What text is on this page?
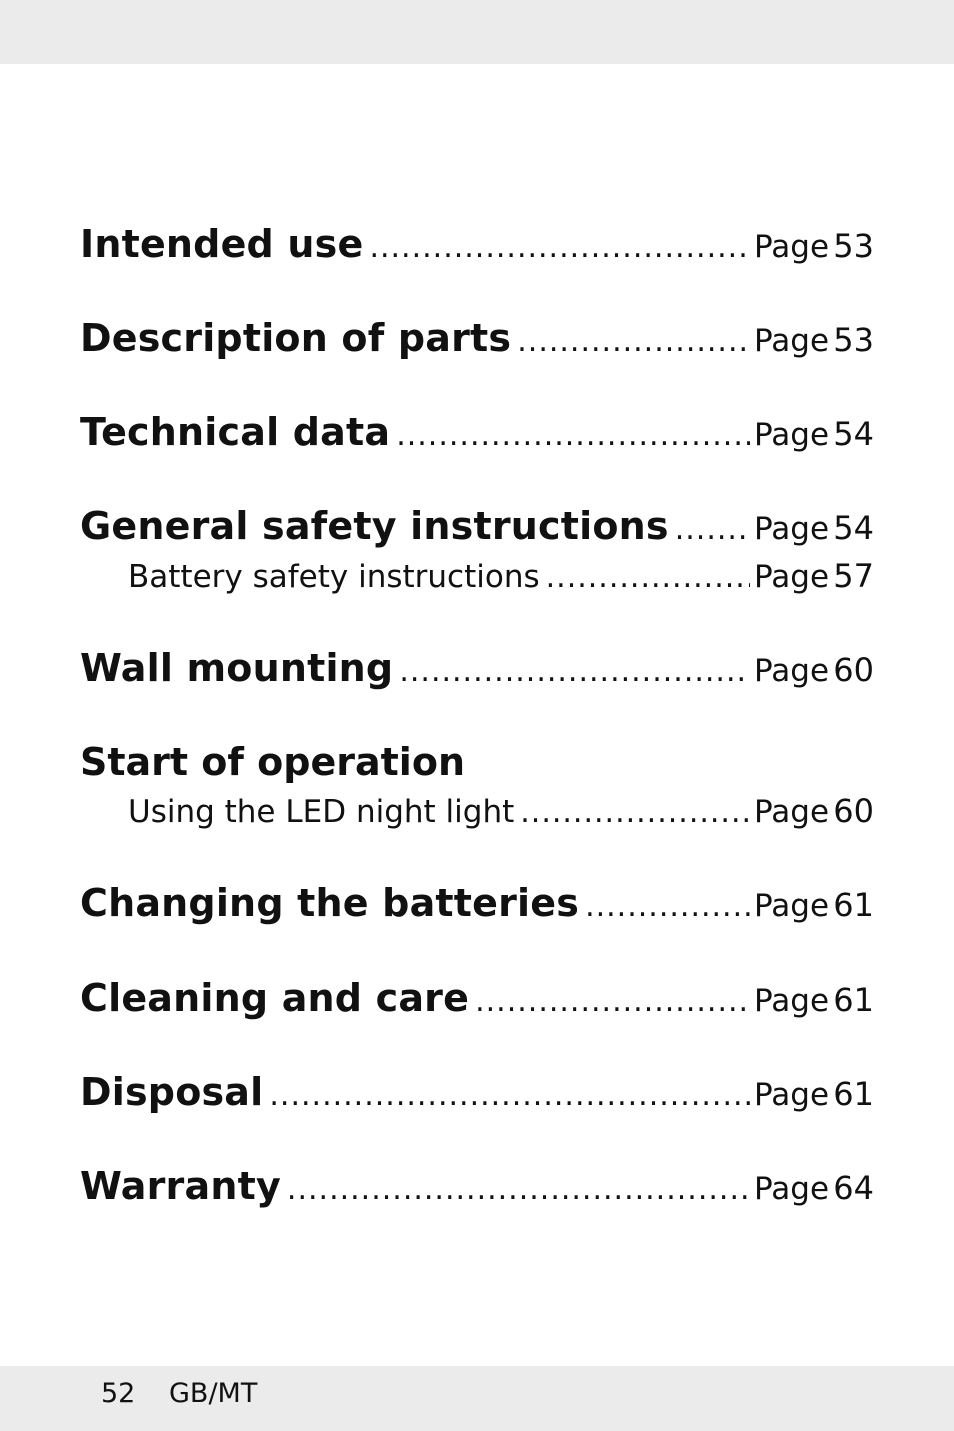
Intended use .....	Page 53
Description of parts .....	Page 53
Technical data .....	Page 54
General safety instructions .....	Page 54
Battery safety instructions .....	Page 57
Wall mounting .....	Page 60
Start of operation
Using the LED night light .....	Page 60
Changing the batteries .....	Page 61
Cleaning and care .....	Page 61
Disposal .....	Page 61
Warranty .....	Page 64
52 GB/MT
